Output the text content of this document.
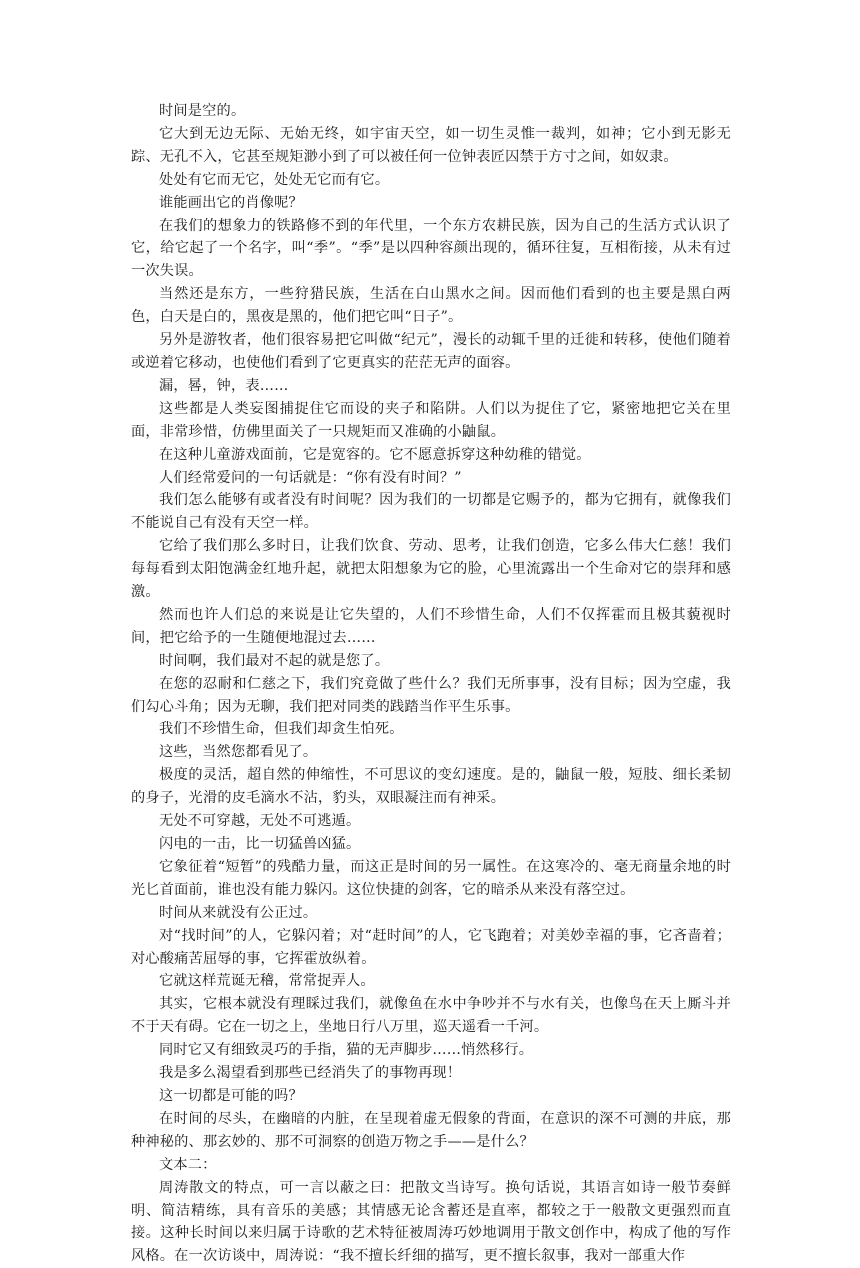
时间是空的。

它大到无边无际、无始无终，如宇宙天空，如一切生灵惟一裁判，如神；它小到无影无踪、无孔不入，它甚至规矩渺小到了可以被任何一位钟表匠囚禁于方寸之间，如奴隶。

处处有它而无它，处处无它而有它。

谁能画出它的肖像呢？

在我们的想象力的铁路修不到的年代里，一个东方农耕民族，因为自己的生活方式认识了它，给它起了一个名字，叫“季”。“季”是以四种容颜出现的，循环往复，互相衔接，从未有过一次失误。

当然还是东方，一些狩猎民族，生活在白山黑水之间。因而他们看到的也主要是黑白两色，白天是白的，黑夜是黑的，他们把它叫“日子”。

另外是游牧者，他们很容易把它叫做“纪元”，漫长的动辄千里的迁徙和转移，使他们随着或逆着它移动，也使他们看到了它更真实的茫茫无声的面容。

漏，晷，钟，表……

这些都是人类妄图捕捉住它而设的夹子和陷阱。人们以为捉住了它，紧密地把它关在里面，非常珍惜，仿佛里面关了一只规矩而又准确的小鼬鼠。

在这种儿童游戏面前，它是宽容的。它不愿意拆穿这种幼稚的错觉。

人们经常爱问的一句话就是：“你有没有时间？”

我们怎么能够有或者没有时间呢？因为我们的一切都是它赐予的，都为它拥有，就像我们不能说自己有没有天空一样。

它给了我们那么多时日，让我们饮食、劳动、思考，让我们创造，它多么伟大仁慈！我们每每看到太阳饱满金红地升起，就把太阳想象为它的脸，心里流露出一个生命对它的崇拜和感激。

然而也许人们总的来说是让它失望的，人们不珍惜生命，人们不仅挥霍而且极其藐视时间，把它给予的一生随便地混过去……

时间啊，我们最对不起的就是您了。

在您的忍耐和仁慈之下，我们究竟做了些什么？我们无所事事，没有目标；因为空虚，我们勾心斗角；因为无聊，我们把对同类的践踏当作平生乐事。

我们不珍惜生命，但我们却贪生怕死。

这些，当然您都看见了。

极度的灵活，超自然的伸缩性，不可思议的变幻速度。是的，鼬鼠一般，短肢、细长柔韧的身子，光滑的皮毛滴水不沾，豹头，双眼凝注而有神采。

无处不可穿越，无处不可逃遁。

闪电的一击，比一切猛兽凶猛。

它象征着“短暂”的残酷力量，而这正是时间的另一属性。在这寒冷的、毫无商量余地的时光匕首面前，谁也没有能力躲闪。这位快捷的剑客，它的暗杀从来没有落空过。

时间从来就没有公正过。

对“找时间”的人，它躲闪着；对“赶时间”的人，它飞跑着；对美妙幸福的事，它吝啬着；对心酸痛苦屈辱的事，它挥霍放纵着。

它就这样荒诞无稽，常常捉弄人。

其实，它根本就没有理睬过我们，就像鱼在水中争吵并不与水有关，也像鸟在天上厮斗并不于天有碍。它在一切之上，坐地日行八万里，巡天遥看一千河。

同时它又有细致灵巧的手指，猫的无声脚步……悄然移行。

我是多么渴望看到那些已经消失了的事物再现！

这一切都是可能的吗？

在时间的尽头，在幽暗的内脏，在呈现着虚无假象的背面，在意识的深不可测的井底，那种神秘的、那玄妙的、那不可洞察的创造万物之手——是什么？

文本二：

周涛散文的特点，可一言以蔽之曰：把散文当诗写。换句话说，其语言如诗一般节奏鲜明、简洁精练，具有音乐的美感；其情感无论含蓄还是直率，都较之于一般散文更强烈而直接。这种长时间以来归属于诗歌的艺术特征被周涛巧妙地调用于散文创作中，构成了他的写作风格。在一次访谈中，周涛说：“我不擅长纤细的描写，更不擅长叙事，我对一部重大作
